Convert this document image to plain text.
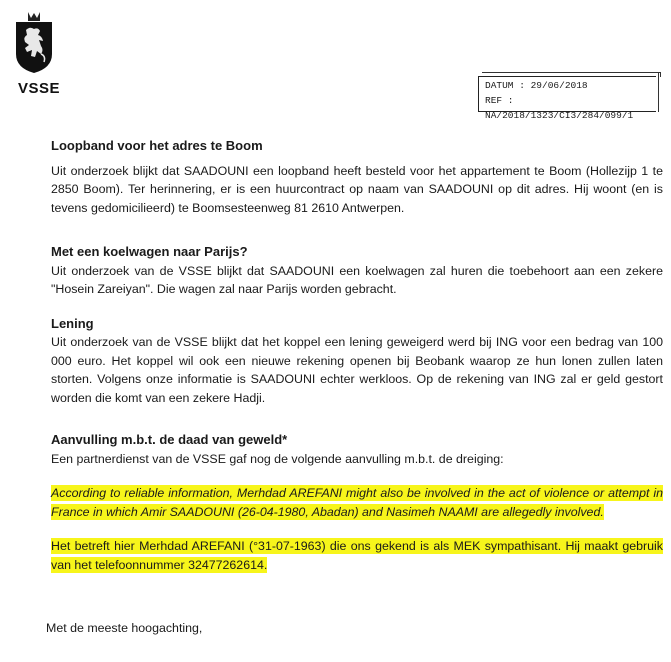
VSSE	DATUM : 29/06/2018
REF : NA/2018/1323/CI3/284/099/1

Loopband voor het adres te Boom

Uit onderzoek blijkt dat SAADOUNI een loopband heeft besteld voor het appartement te Boom (Hollezijp 1 te 2850 Boom). Ter herinnering, er is een huurcontract op naam van SAADOUNI op dit adres. Hij woont (en is tevens gedomicilieerd) te Boomsesteenweg 81 2610 Antwerpen.

Met een koelwagen naar Parijs?

Uit onderzoek van de VSSE blijkt dat SAADOUNI een koelwagen zal huren die toebehoort aan een zekere "Hosein Zareiyan". Die wagen zal naar Parijs worden gebracht.

Lening

Uit onderzoek van de VSSE blijkt dat het koppel een lening geweigerd werd bij ING voor een bedrag van 100 000 euro. Het koppel wil ook een nieuwe rekening openen bij Beobank waarop ze hun lonen zullen laten storten. Volgens onze informatie is SAADOUNI echter werkloos. Op de rekening van ING zal er geld gestort worden die komt van een zekere Hadji.

Aanvulling m.b.t. de daad van geweld*

Een partnerdienst van de VSSE gaf nog de volgende aanvulling m.b.t. de dreiging:

According to reliable information, Merhdad AREFANI might also be involved in the act of violence or attempt in France in which Amir SAADOUNI (26-04-1980, Abadan) and Nasimeh NAAMI are allegedly involved.

Het betreft hier Merhdad AREFANI (°31-07-1963) die ons gekend is als MEK sympathisant. Hij maakt gebruik van het telefoonnummer 32477262614.

Met de meeste hoogachting,
